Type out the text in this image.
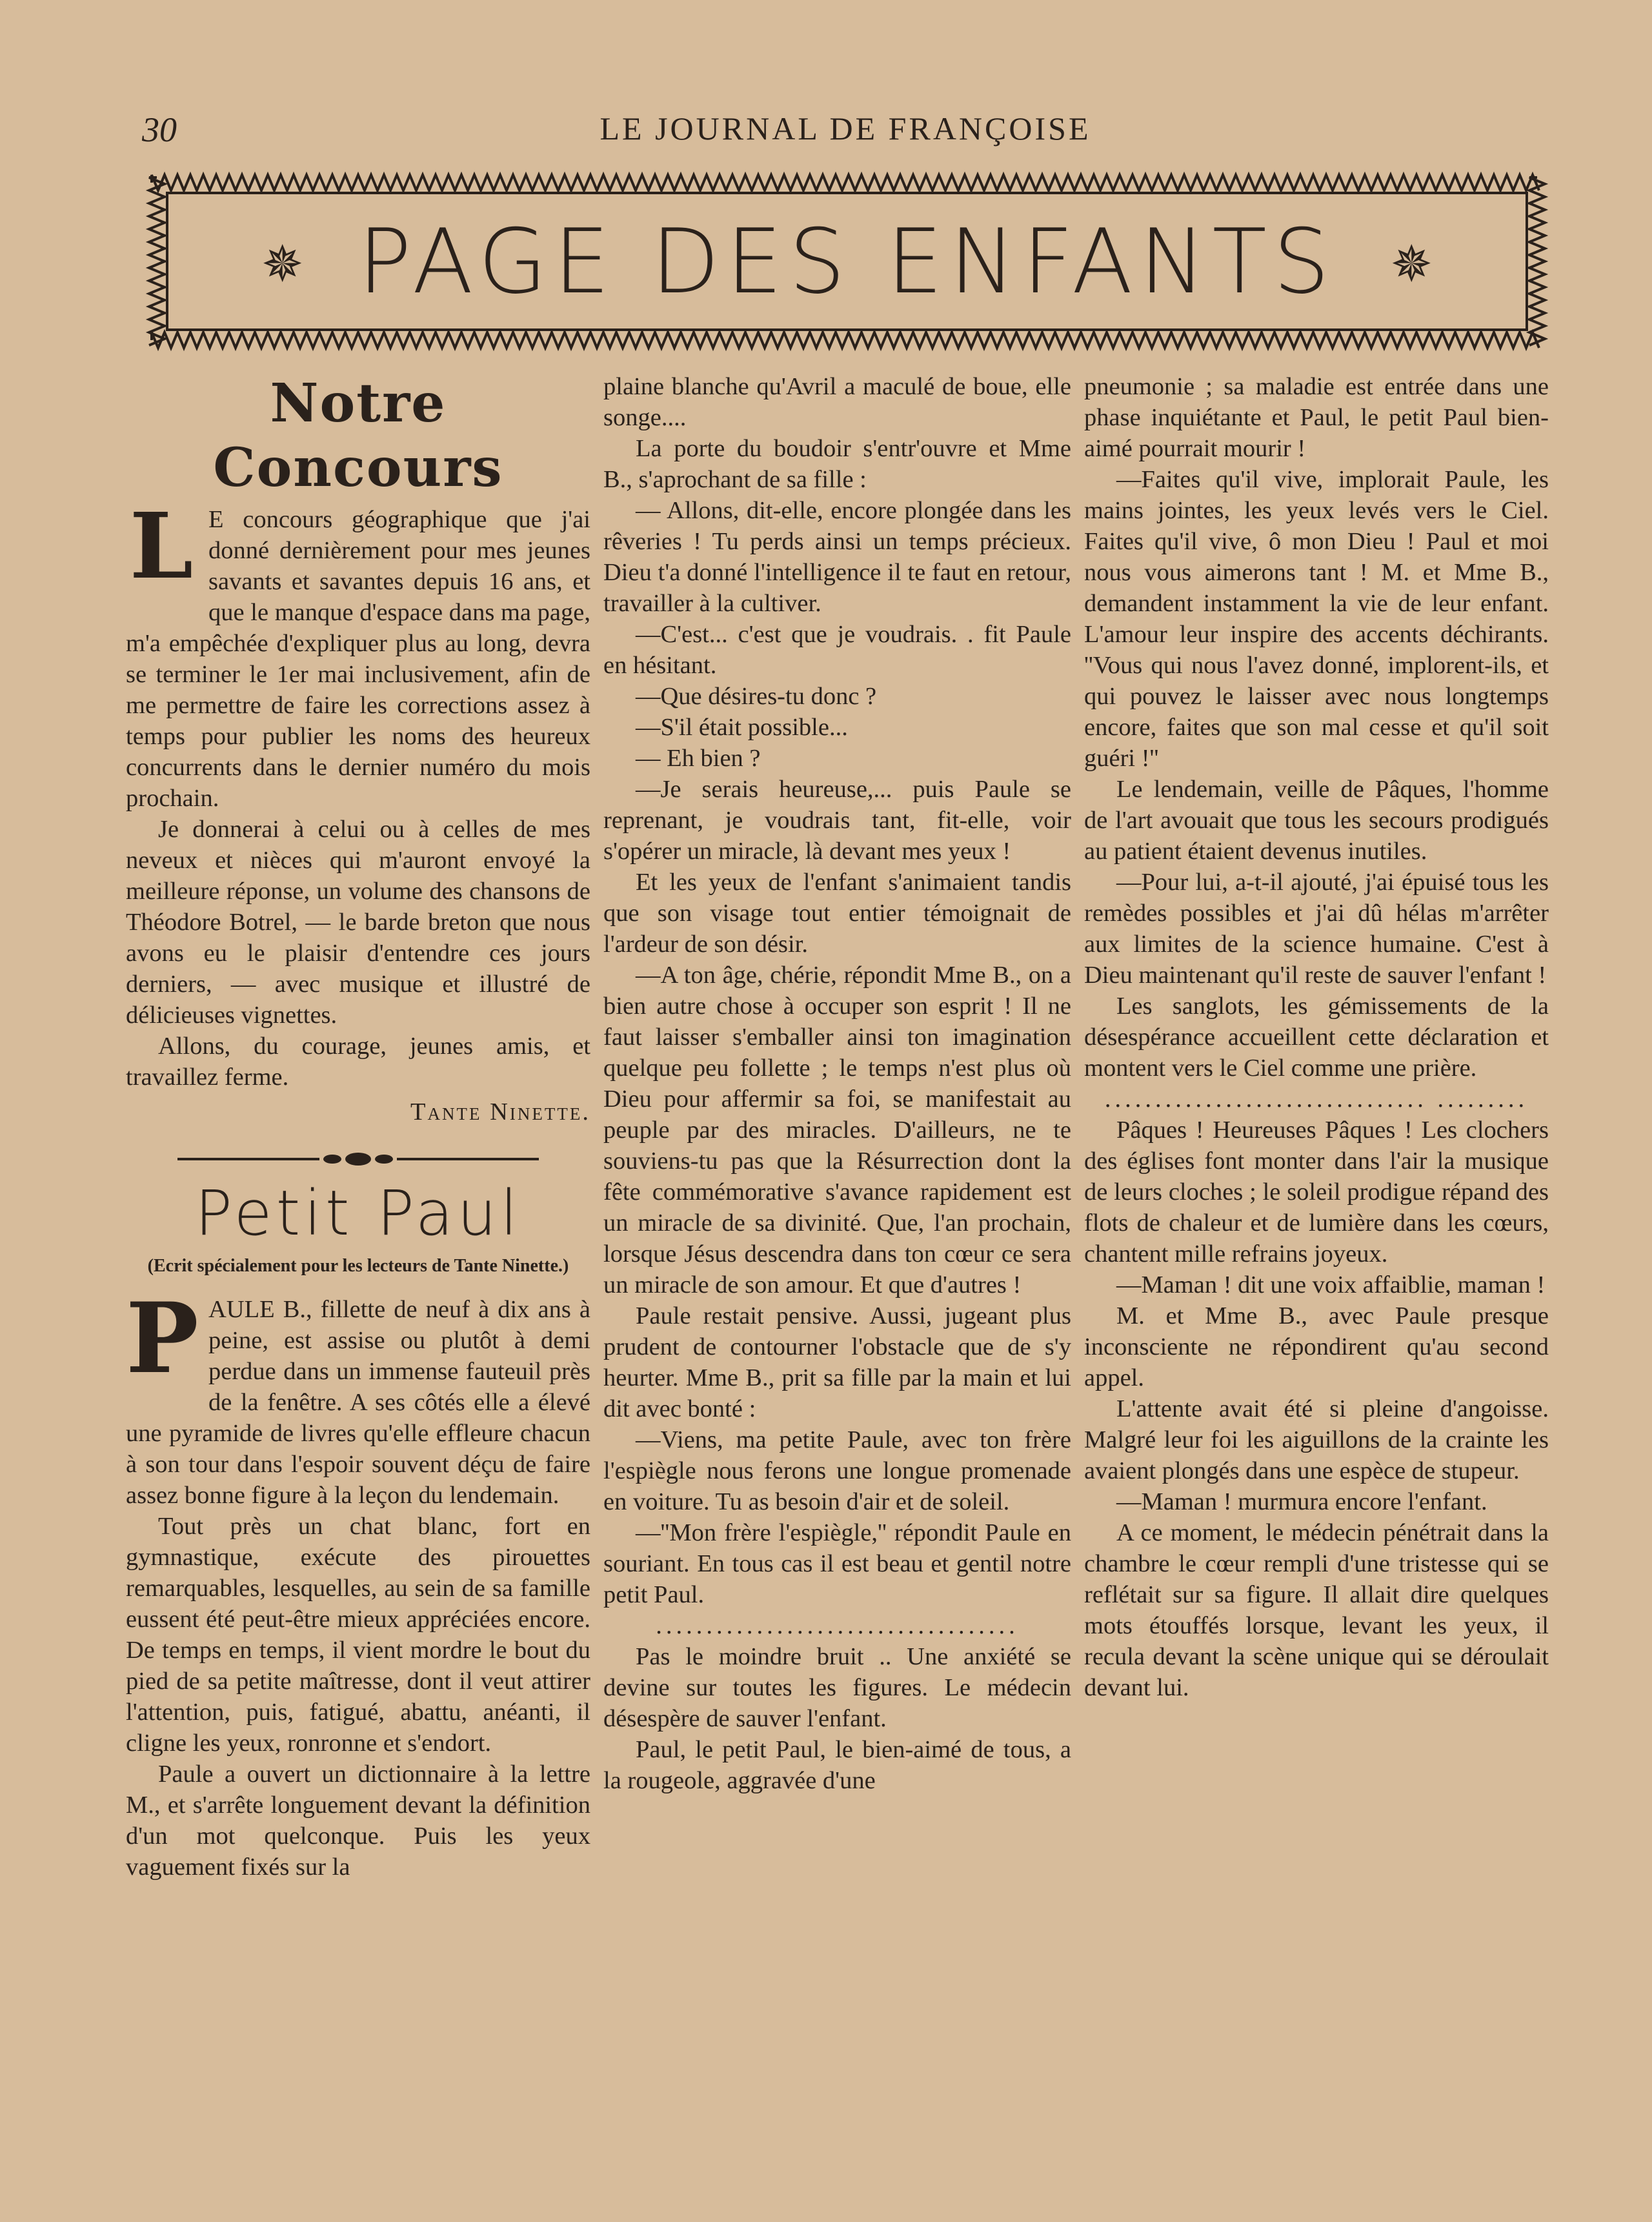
30	LE JOURNAL DE FRANÇOISE
✵ PAGE DES ENFANTS	✵
Notre Concours

L E concours géographique que j'ai donné dernièrement pour mes jeunes savants et savantes depuis 16 ans, et que le manque d'espace dans ma page, m'a empêchée d'expliquer plus au long, devra se terminer le 1er mai inclusivement, afin de me permettre de faire les corrections assez à temps pour publier les noms des heureux concurrents dans le dernier numéro du mois prochain.

Je donnerai à celui ou à celles de mes neveux et nièces qui m'auront envoyé la meilleure réponse, un volume des chansons de Théodore Botrel, — le barde breton que nous avons eu le plaisir d'entendre ces jours derniers, — avec musique et illustré de délicieuses vignettes.

Allons, du courage, jeunes amis, et travaillez ferme.

Tante Ninette.

Petit Paul

(Ecrit spécialement pour les lecteurs de Tante Ninette.)

PAULE B., fillette de neuf à dix ans à peine, est assise ou plutôt à demi perdue dans un immense fauteuil près de la fenêtre. A ses côtés elle a élevé une pyramide de livres qu'elle effleure chacun à son tour dans l'espoir souvent déçu de faire assez bonne figure à la leçon du lendemain.

Tout près un chat blanc, fort en gymnastique, exécute des pirouettes remarquables, lesquelles, au sein de sa famille eussent été peut-être mieux appréciées encore. De temps en temps, il vient mordre le bout du pied de sa petite maîtresse, dont il veut attirer l'attention, puis, fatigué, abattu, anéanti, il cligne les yeux, ronronne et s'endort.

Paule a ouvert un dictionnaire à la lettre M., et s'arrête longuement devant la définition d'un mot quelconque. Puis les yeux vaguement fixés sur la

plaine blanche qu'Avril a maculé de boue, elle songe....

La porte du boudoir s'entr'ouvre et Mme B., s'aprochant de sa fille :

— Allons, dit-elle, encore plongée dans les rêveries ! Tu perds ainsi un temps précieux. Dieu t'a donné l'intelligence il te faut en retour, travailler à la cultiver.

—C'est... c'est que je voudrais. . fit Paule en hésitant.

—Que désires-tu donc ?

—S'il était possible...

— Eh bien ?

—Je serais heureuse,... puis Paule se reprenant, je voudrais tant, fit-elle, voir s'opérer un miracle, là devant mes yeux !

Et les yeux de l'enfant s'animaient tandis que son visage tout entier témoignait de l'ardeur de son désir.

—A ton âge, chérie, répondit Mme B., on a bien autre chose à occuper son esprit ! Il ne faut laisser s'emballer ainsi ton imagination quelque peu follette ; le temps n'est plus où Dieu pour affermir sa foi, se manifestait au peuple par des miracles. D'ailleurs, ne te souviens-tu pas que la Résurrection dont la fête commémorative s'avance rapidement est un miracle de sa divinité. Que, l'an prochain, lorsque Jésus descendra dans ton cœur ce sera un miracle de son amour. Et que d'autres !

Paule restait pensive. Aussi, jugeant plus prudent de contourner l'obstacle que de s'y heurter. Mme B., prit sa fille par la main et lui dit avec bonté :

—Viens, ma petite Paule, avec ton frère l'espiègle nous ferons une longue promenade en voiture. Tu as besoin d'air et de soleil.

—''Mon frère l'espiègle,'' répondit Paule en souriant. En tous cas il est beau et gentil notre petit Paul.

....................................

Pas le moindre bruit .. Une anxiété se devine sur toutes les figures. Le médecin désespère de sauver l'enfant.

Paul, le petit Paul, le bien-aimé de tous, a la rougeole, aggravée d'une

pneumonie ; sa maladie est entrée dans une phase inquiétante et Paul, le petit Paul bien-aimé pourrait mourir !

—Faites qu'il vive, implorait Paule, les mains jointes, les yeux levés vers le Ciel. Faites qu'il vive, ô mon Dieu ! Paul et moi nous vous aimerons tant ! M. et Mme B., demandent instamment la vie de leur enfant. L'amour leur inspire des accents déchirants. ''Vous qui nous l'avez donné, implorent-ils, et qui pouvez le laisser avec nous longtemps encore, faites que son mal cesse et qu'il soit guéri !''

Le lendemain, veille de Pâques, l'homme de l'art avouait que tous les secours prodigués au patient étaient devenus inutiles.

—Pour lui, a-t-il ajouté, j'ai épuisé tous les remèdes possibles et j'ai dû hélas m'arrêter aux limites de la science humaine. C'est à Dieu maintenant qu'il reste de sauver l'enfant !

Les sanglots, les gémissements de la désespérance accueillent cette déclaration et montent vers le Ciel comme une prière.

................................ .........

Pâques ! Heureuses Pâques ! Les clochers des églises font monter dans l'air la musique de leurs cloches ; le soleil prodigue répand des flots de chaleur et de lumière dans les cœurs, chantent mille refrains joyeux.

—Maman ! dit une voix affaiblie, maman !

M. et Mme B., avec Paule presque inconsciente ne répondirent qu'au second appel.

L'attente avait été si pleine d'angoisse. Malgré leur foi les aiguillons de la crainte les avaient plongés dans une espèce de stupeur.

—Maman ! murmura encore l'enfant.

A ce moment, le médecin pénétrait dans la chambre le cœur rempli d'une tristesse qui se reflétait sur sa figure. Il allait dire quelques mots étouffés lorsque, levant les yeux, il recula devant la scène unique qui se déroulait devant lui.
